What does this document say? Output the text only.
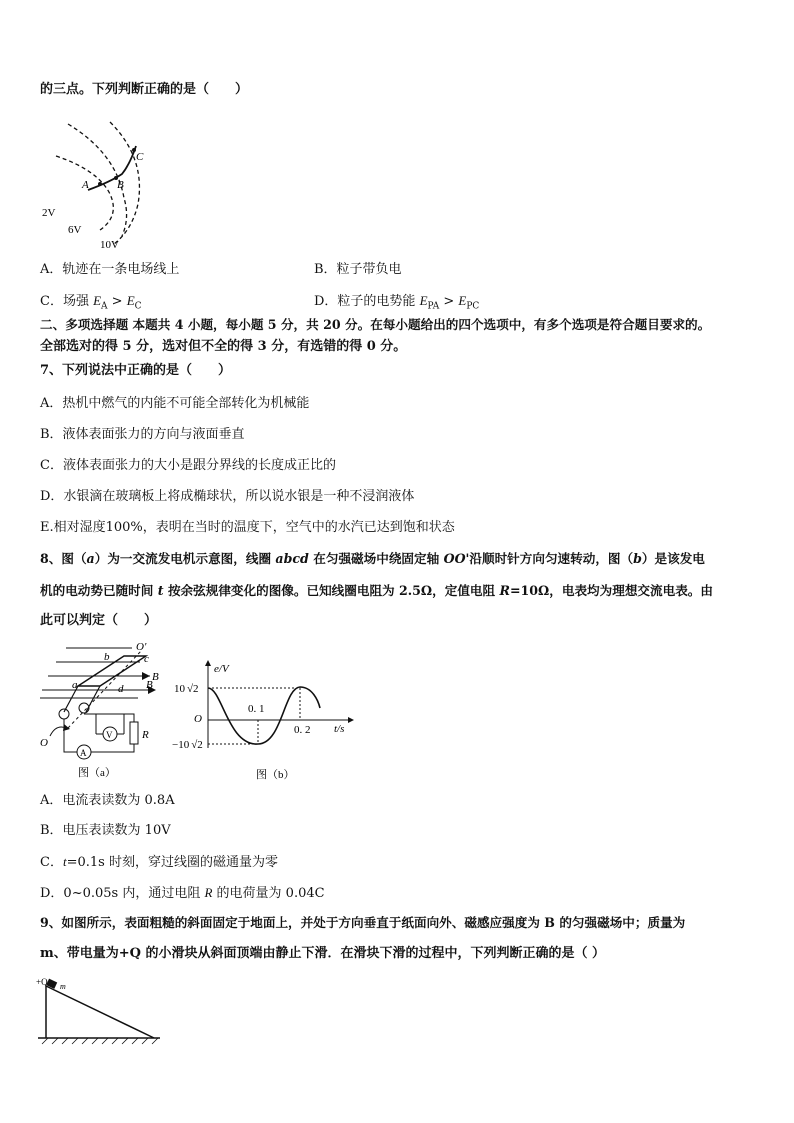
的三点。下列判断正确的是（　　）
A	B
C
2V
6V
10V
A．轨迹在一条电场线上	B．粒子带负电
C．场强 $E_A > E_C$	D．粒子的电势能 $E_{PA} > E_{PC}$
二、多项选择题 本题共 4 小题，每小题 5 分，共 20 分。在每小题给出的四个选项中，有多个选项是符合题目要求的。
全部选对的得 5 分，选对但不全的得 3 分，有选错的得 0 分。
7、下列说法中正确的是（　　）
A．热机中燃气的内能不可能全部转化为机械能
B．液体表面张力的方向与液面垂直
C．液体表面张力的大小是跟分界线的长度成正比的
D．水银滴在玻璃板上将成椭球状，所以说水银是一种不浸润液体
E.相对湿度100%，表明在当时的温度下，空气中的水汽已达到饱和状态
8、图（a）为一交流发电机示意图，线圈 abcd 在匀强磁场中绕固定轴 OO'沿顺时针方向匀速转动，图（b）是该发电
机的电动势已随时间 t 按余弦规律变化的图像。已知线圈电阻为 2.5Ω，定值电阻 R=10Ω，电表均为理想交流电表。由
此可以判定（　　）
O'
b	c
a	d
B
B
O
A
V	R
图（a）
e/V
10 √2
−10 √2
O
0. 1
0. 2 t/s
图（b）
A．电流表读数为 0.8A
B．电压表读数为 10V
C．t=0.1s 时刻，穿过线圈的磁通量为零
D．0~0.05s 内，通过电阻 R 的电荷量为 0.04C
9、如图所示，表面粗糙的斜面固定于地面上，并处于方向垂直于纸面向外、磁感应强度为 B 的匀强磁场中；质量为
m、带电量为+Q 的小滑块从斜面顶端由静止下滑．在滑块下滑的过程中，下列判断正确的是（ ）
+Q m
